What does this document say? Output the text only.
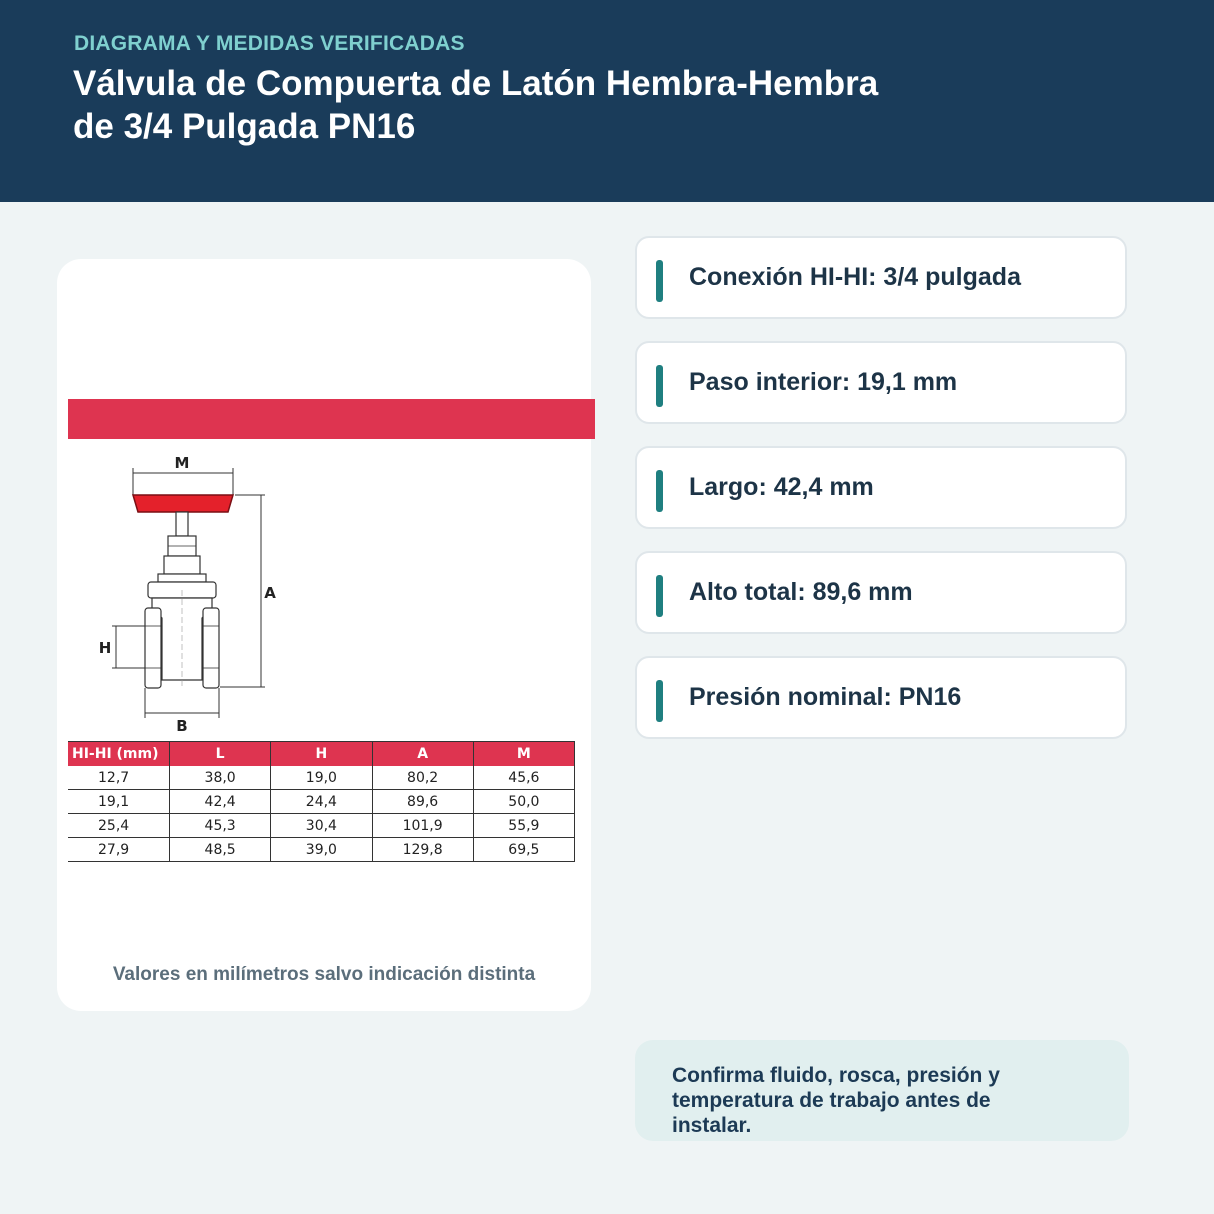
DIAGRAMA Y MEDIDAS VERIFICADAS
Válvula de Compuerta de Latón Hembra-Hembra
de 3/4 Pulgada PN16
M
A
H
B
HI-HI (mm)	L	H	A	M
12,7	38,0	19,0	80,2	45,6
19,1	42,4	24,4	89,6	50,0
25,4	45,3	30,4	101,9	55,9
27,9	48,5	39,0	129,8	69,5
Valores en milímetros salvo indicación distinta
Conexión HI-HI: 3/4 pulgada
Paso interior: 19,1 mm
Largo: 42,4 mm
Alto total: 89,6 mm
Presión nominal: PN16
Confirma fluido, rosca, presión y temperatura de trabajo antes de instalar.
